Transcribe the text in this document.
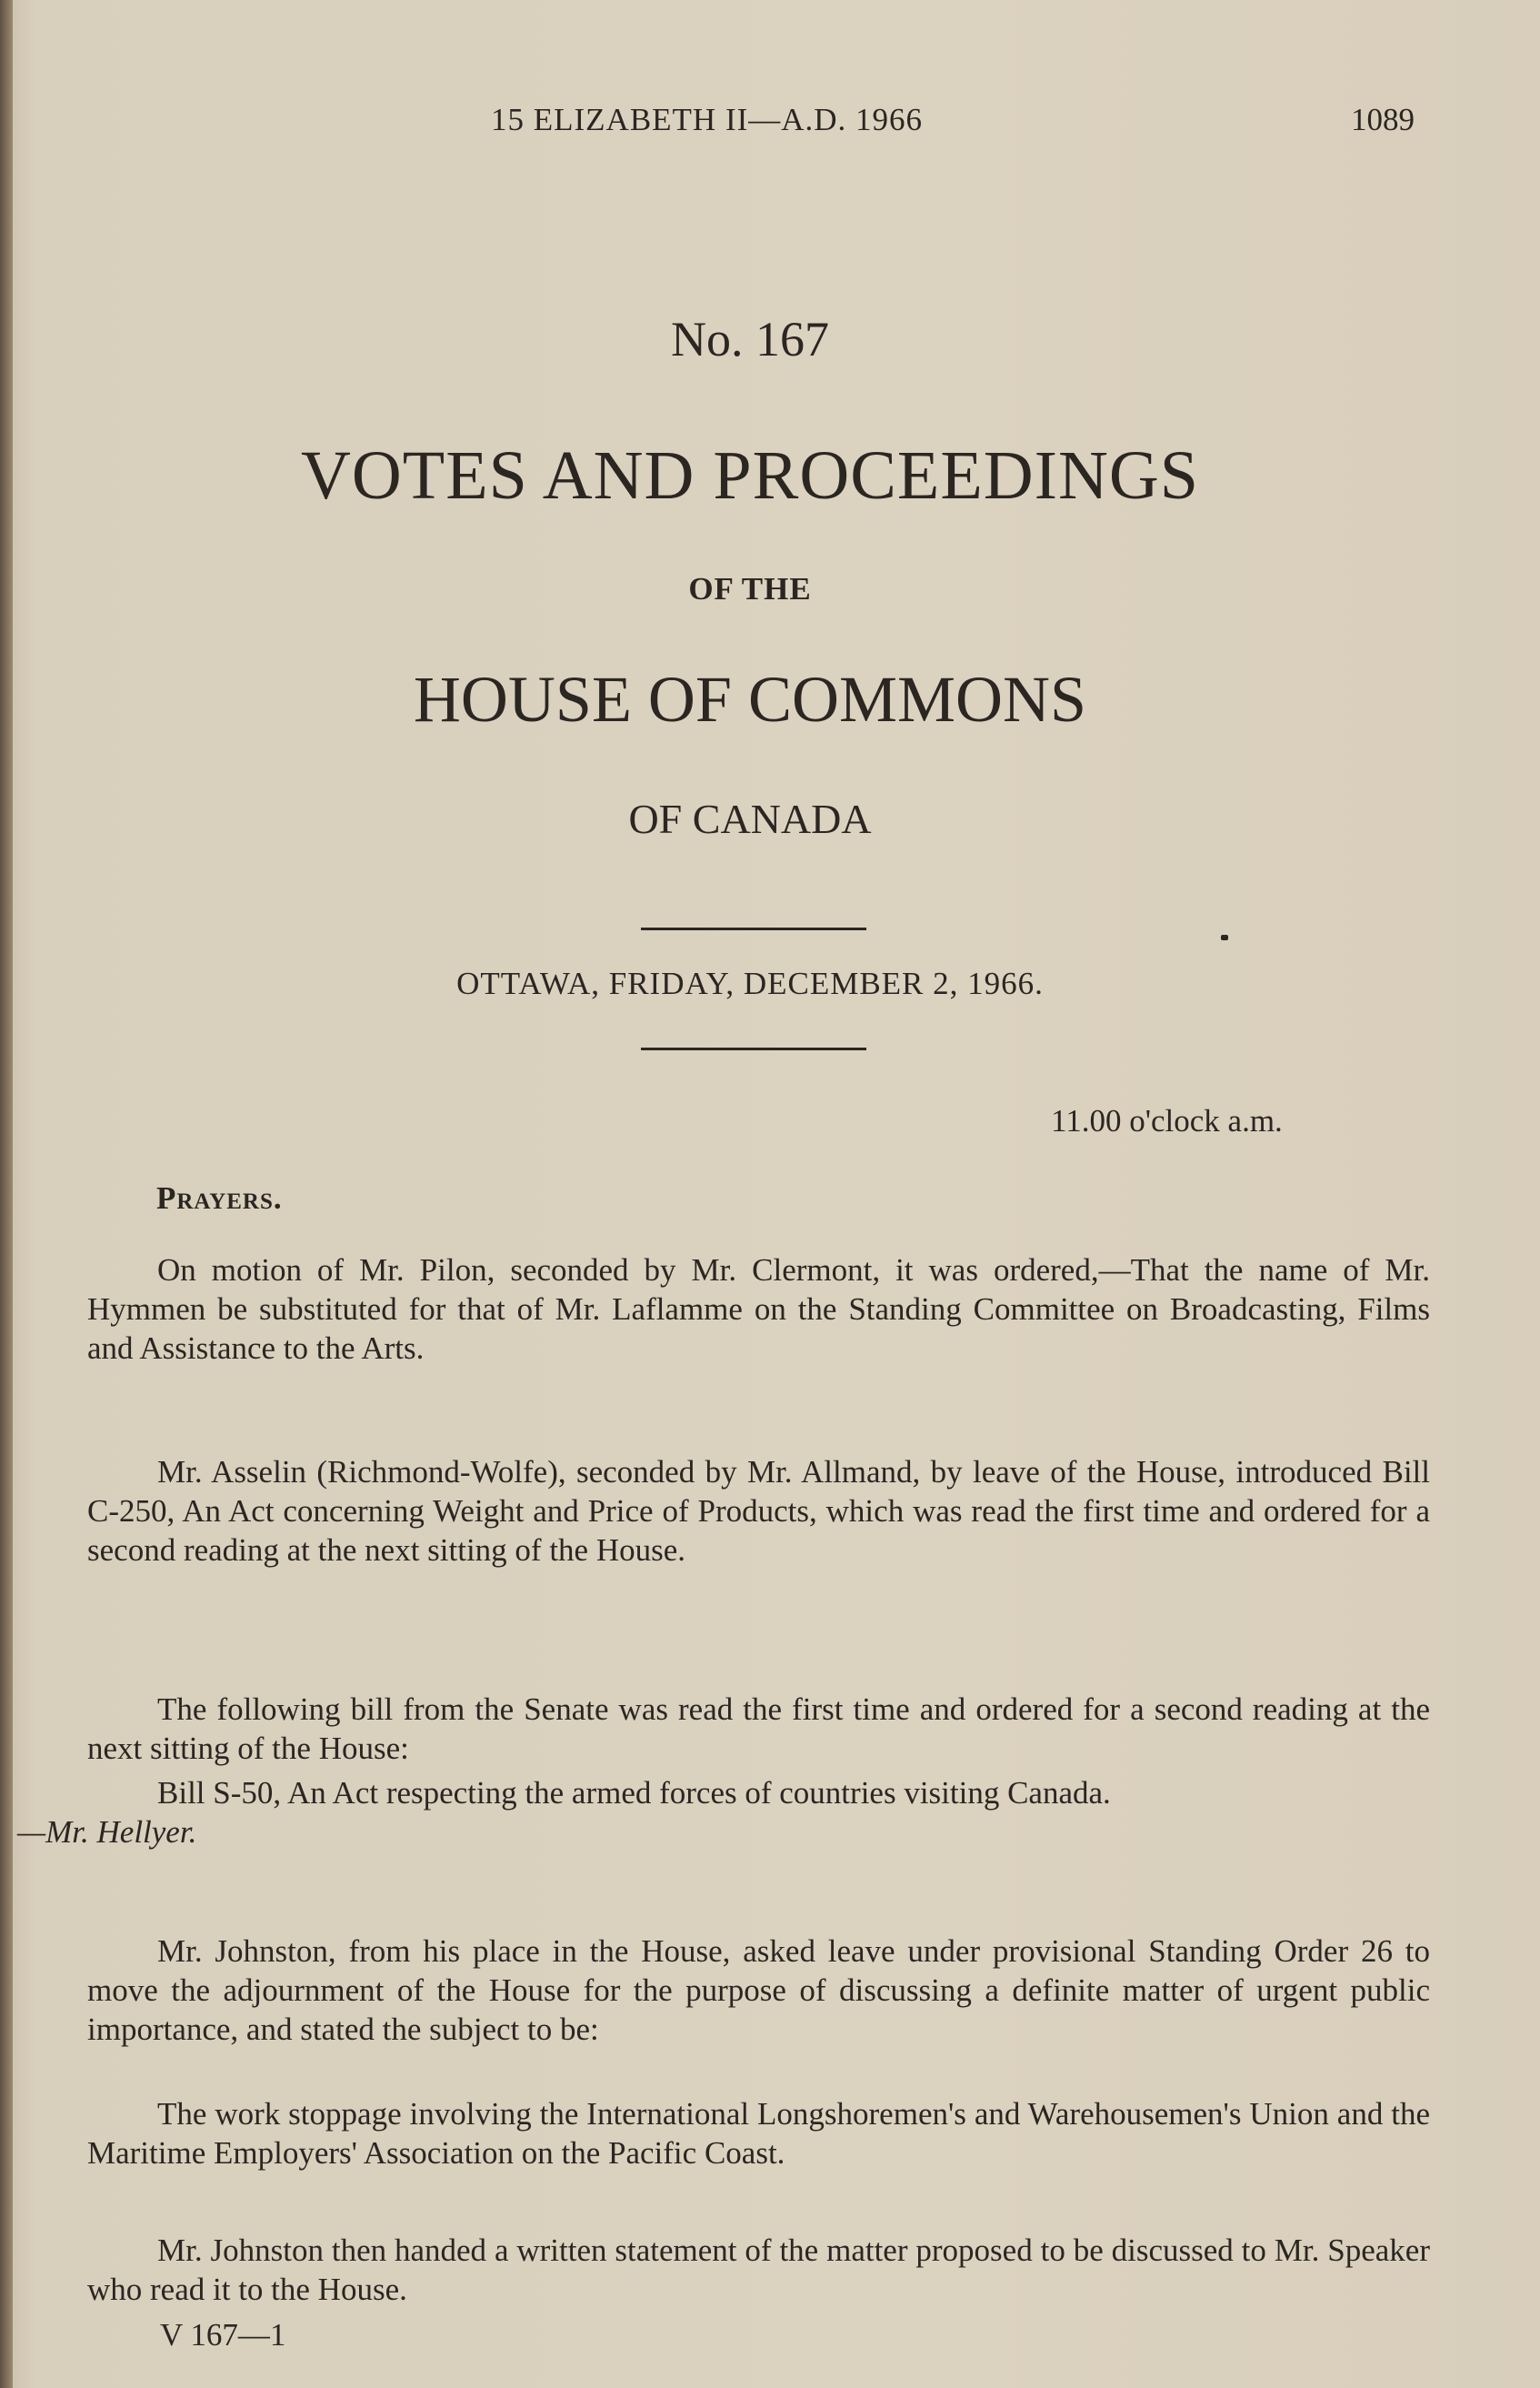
15 ELIZABETH II—A.D. 1966	1089
No. 167
VOTES AND PROCEEDINGS
OF THE
HOUSE OF COMMONS
OF CANADA
OTTAWA, FRIDAY, DECEMBER 2, 1966.
11.00 o'clock a.m.
Prayers.
On motion of Mr. Pilon, seconded by Mr. Clermont, it was ordered,—That the name of Mr. Hymmen be substituted for that of Mr. Laflamme on the Standing Committee on Broadcasting, Films and Assistance to the Arts.
Mr. Asselin (Richmond-Wolfe), seconded by Mr. Allmand, by leave of the House, introduced Bill C-250, An Act concerning Weight and Price of Products, which was read the first time and ordered for a second reading at the next sitting of the House.
The following bill from the Senate was read the first time and ordered for a second reading at the next sitting of the House:
Bill S-50, An Act respecting the armed forces of countries visiting Canada.
—Mr. Hellyer.
Mr. Johnston, from his place in the House, asked leave under provisional Standing Order 26 to move the adjournment of the House for the purpose of discussing a definite matter of urgent public importance, and stated the subject to be:
The work stoppage involving the International Longshoremen's and Warehousemen's Union and the Maritime Employers' Association on the Pacific Coast.
Mr. Johnston then handed a written statement of the matter proposed to be discussed to Mr. Speaker who read it to the House.
V 167—1
